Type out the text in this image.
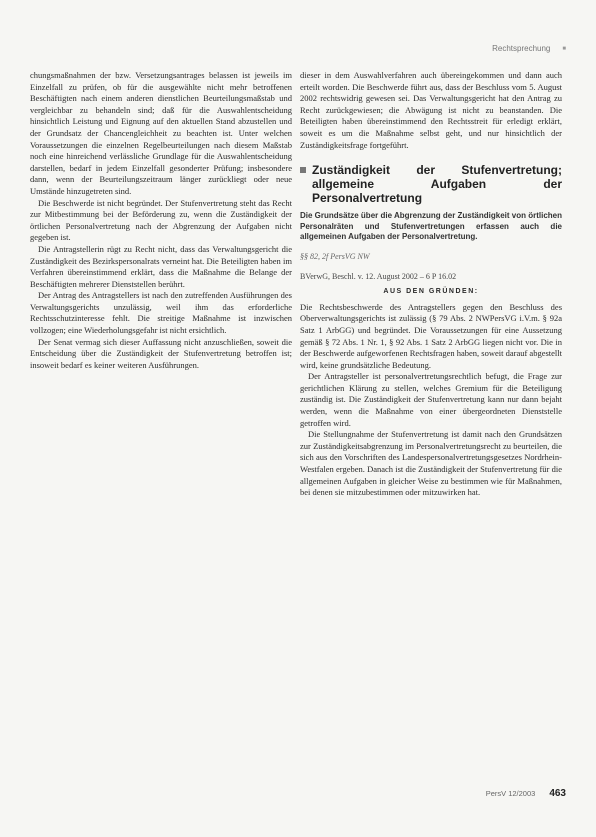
Rechtsprechung ■

chungsmaßnahmen der bzw. Versetzungsantrages belassen ist jeweils im Einzelfall zu prüfen, ob für die ausgewählte nicht mehr betroffenen Beschäftigten nach einem anderen dienstlichen Beurteilungsmaßstab und vergleichbar zu behandeln sind; daß für die Auswahlentscheidung hinsichtlich Leistung und Eignung auf den aktuellen Stand abzustellen und der Grundsatz der Chancengleichheit zu beachten ist. Unter welchen Voraussetzungen die einzelnen Regelbeurteilungen nach diesem Maßstab noch eine hinreichend verlässliche Grundlage für die Auswahlentscheidung darstellen, bedarf in jedem Einzelfall gesonderter Prüfung; insbesondere dann, wenn der Beurteilungszeitraum länger zurückliegt oder neue Umstände hinzugetreten sind.

Die Beschwerde ist nicht begründet. Der Stufenvertretung steht das Recht zur Mitbestimmung bei der Beförderung zu, wenn die Zuständigkeit der örtlichen Personalvertretung nach der Abgrenzung der Aufgaben nicht gegeben ist.

Die Antragstellerin rügt zu Recht nicht, dass das Verwaltungsgericht die Zuständigkeit des Bezirkspersonalrats verneint hat. Die Beteiligten haben im Verfahren übereinstimmend erklärt, dass die Maßnahme die Belange der Beschäftigten mehrerer Dienststellen berührt.

Der Antrag des Antragstellers ist nach den zutreffenden Ausführungen des Verwaltungsgerichts unzulässig, weil ihm das erforderliche Rechtsschutzinteresse fehlt. Die streitige Maßnahme ist inzwischen vollzogen; eine Wiederholungsgefahr ist nicht ersichtlich.

Der Senat vermag sich dieser Auffassung nicht anzuschließen, soweit die Entscheidung über die Zuständigkeit der Stufenvertretung betroffen ist; insoweit bedarf es keiner weiteren Ausführungen.

dieser in dem Auswahlverfahren auch übereingekommen und dann auch erteilt worden. Die Beschwerde führt aus, dass der Beschluss vom 5. August 2002 rechtswidrig gewesen sei. Das Verwaltungsgericht hat den Antrag zu Recht zurückgewiesen; die Abwägung ist nicht zu beanstanden. Die Beteiligten haben übereinstimmend den Rechtsstreit für erledigt erklärt, soweit es um die Maßnahme selbst geht, und nur hinsichtlich der Zuständigkeitsfrage fortgeführt.

Zuständigkeit der Stufenvertretung; allgemeine Aufgaben der Personalvertretung
Die Grundsätze über die Abgrenzung der Zuständigkeit von örtlichen Personalräten und Stufenvertretungen erfassen auch die allgemeinen Aufgaben der Personalvertretung.
§§ 82, 2f PersVG NW
BVerwG, Beschl. v. 12. August 2002 – 6 P 16.02
AUS DEN GRÜNDEN:

Die Rechtsbeschwerde des Antragstellers gegen den Beschluss des Oberverwaltungsgerichts ist zulässig (§ 79 Abs. 2 NWPersVG i.V.m. § 92a Satz 1 ArbGG) und begründet. Die Voraussetzungen für eine Aussetzung gemäß § 72 Abs. 1 Nr. 1, § 92 Abs. 1 Satz 2 ArbGG liegen nicht vor. Die in der Beschwerde aufgeworfenen Rechtsfragen haben, soweit darauf abgestellt wird, keine grundsätzliche Bedeutung.

Der Antragsteller ist personalvertretungsrechtlich befugt, die Frage zur gerichtlichen Klärung zu stellen, welches Gremium für die Beteiligung zuständig ist. Die Zuständigkeit der Stufenvertretung kann nur dann bejaht werden, wenn die Maßnahme von einer übergeordneten Dienststelle getroffen wird.

Die Stellungnahme der Stufenvertretung ist damit nach den Grundsätzen zur Zuständigkeitsabgrenzung im Personalvertretungsrecht zu beurteilen, die sich aus den Vorschriften des Landespersonalvertretungsgesetzes Nordrhein-Westfalen ergeben. Danach ist die Zuständigkeit der Stufenvertretung für die allgemeinen Aufgaben in gleicher Weise zu bestimmen wie für Maßnahmen, bei denen sie mitzubestimmen oder mitzuwirken hat.

PersV 12/2003 463
